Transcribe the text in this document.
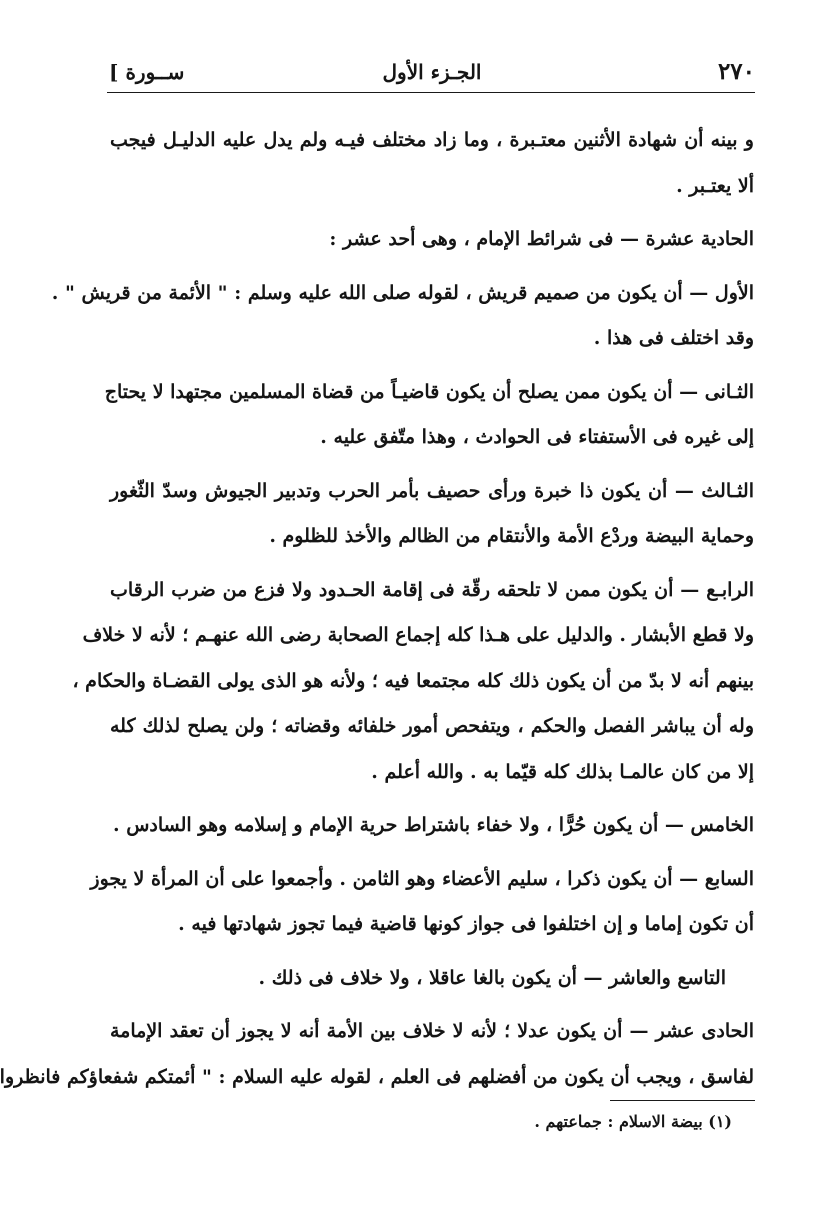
٢٧٠
الجـزء الأول
[ ســورة
و بينه أن شهادة الأثنين معتـبرة ، وما زاد مختلف فيـه ولم يدل عليه الدليـل فيجب
ألا يعتـبر .
الحادية عشرة — فى شرائط الإمام ، وهى أحد عشر :
الأول — أن يكون من صميم قريش ، لقوله صلى الله عليه وسلم : " الأئمة من قريش " .
وقد اختلف فى هذا .
الثـانى — أن يكون ممن يصلح أن يكون قاضيـاً من قضاة المسلمين مجتهدا لا يحتاج
إلى غيره فى الأستفتاء فى الحوادث ، وهذا متّفق عليه .
الثـالث — أن يكون ذا خبرة ورأى حصيف بأمر الحرب وتدبير الجيوش وسدّ الثّغور
وحماية البيضة وردْع الأمة والأنتقام من الظالم والأخذ للظلوم .
الرابـع — أن يكون ممن لا تلحقه رقّة فى إقامة الحـدود ولا فزع من ضرب الرقاب
ولا قطع الأبشار . والدليل على هـذا كله إجماع الصحابة رضى الله عنهـم ؛ لأنه لا خلاف
بينهم أنه لا بدّ من أن يكون ذلك كله مجتمعا فيه ؛ ولأنه هو الذى يولى القضـاة والحكام ،
وله أن يباشر الفصل والحكم ، ويتفحص أمور خلفائه وقضاته ؛ ولن يصلح لذلك كله
إلا من كان عالمـا بذلك كله قيّما به . والله أعلم .
الخامس — أن يكون حُرًّا ، ولا خفاء باشتراط حرية الإمام و إسلامه وهو السادس .
السابع — أن يكون ذكرا ، سليم الأعضاء وهو الثامن . وأجمعوا على أن المرأة لا يجوز
أن تكون إماما و إن اختلفوا فى جواز كونها قاضية فيما تجوز شهادتها فيه .
التاسع والعاشر — أن يكون بالغا عاقلا ، ولا خلاف فى ذلك .
الحادى عشر — أن يكون عدلا ؛ لأنه لا خلاف بين الأمة أنه لا يجوز أن تعقد الإمامة
لفاسق ، ويجب أن يكون من أفضلهم فى العلم ، لقوله عليه السلام : " أئمتكم شفعاؤكم فانظروا
(١) بيضة الاسلام : جماعتهم .
